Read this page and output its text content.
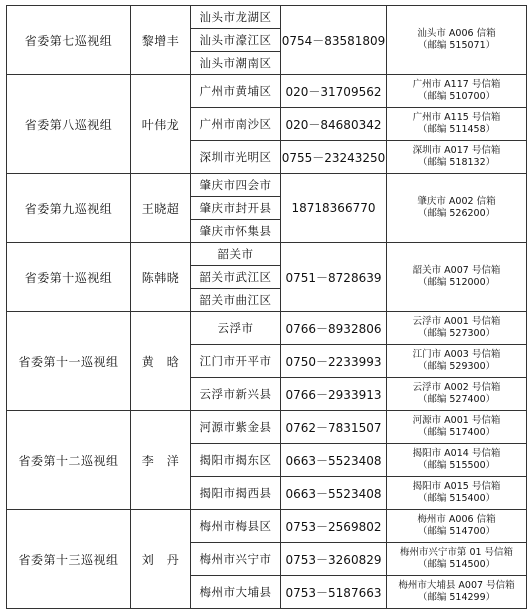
省委第七巡视组	黎增丰	汕头市龙湖区	0754－83581809	汕头市 A006 信箱
（邮编 515071）

		汕头市濠江区		
		汕头市潮南区		
省委第八巡视组	叶伟龙	广州市黄埔区	020－31709562	广州市 A117 号信箱
（邮编 510700）

		广州市南沙区	020－84680342	广州市 A115 号信箱
（邮编 511458）

		深圳市光明区	0755－23243250	深圳市 A017 号信箱
（邮编 518132）

省委第九巡视组	王晓超	肇庆市四会市	18718366770	肇庆市 A002 信箱
（邮编 526200）

		肇庆市封开县		
		肇庆市怀集县		
省委第十巡视组	陈韩晓	韶关市	0751－8728639	韶关市 A007 号信箱
（邮编 512000）

		韶关市武江区		
		韶关市曲江区		
省委第十一巡视组	黄　晗	云浮市	0766－8932806	云浮市 A001 号信箱
（邮编 527300）

		江门市开平市	0750－2233993	江门市 A003 号信箱
（邮编 529300）

		云浮市新兴县	0766－2933913	云浮市 A002 号信箱
（邮编 527400）

省委第十二巡视组	李　洋	河源市紫金县	0762－7831507	河源市 A001 号信箱
（邮编 517400）

		揭阳市揭东区	0663－5523408	揭阳市 A014 号信箱
（邮编 515500）

		揭阳市揭西县	0663－5523408	揭阳市 A015 号信箱
（邮编 515400）

省委第十三巡视组	刘　丹	梅州市梅县区	0753－2569802	梅州市 A006 信箱
（邮编 514700）

		梅州市兴宁市	0753－3260829	梅州市兴宁市第 01 号信箱
（邮编 514500）

		梅州市大埔县	0753－5187663	梅州市大埔县 A007 号信箱
（邮编 514299）
